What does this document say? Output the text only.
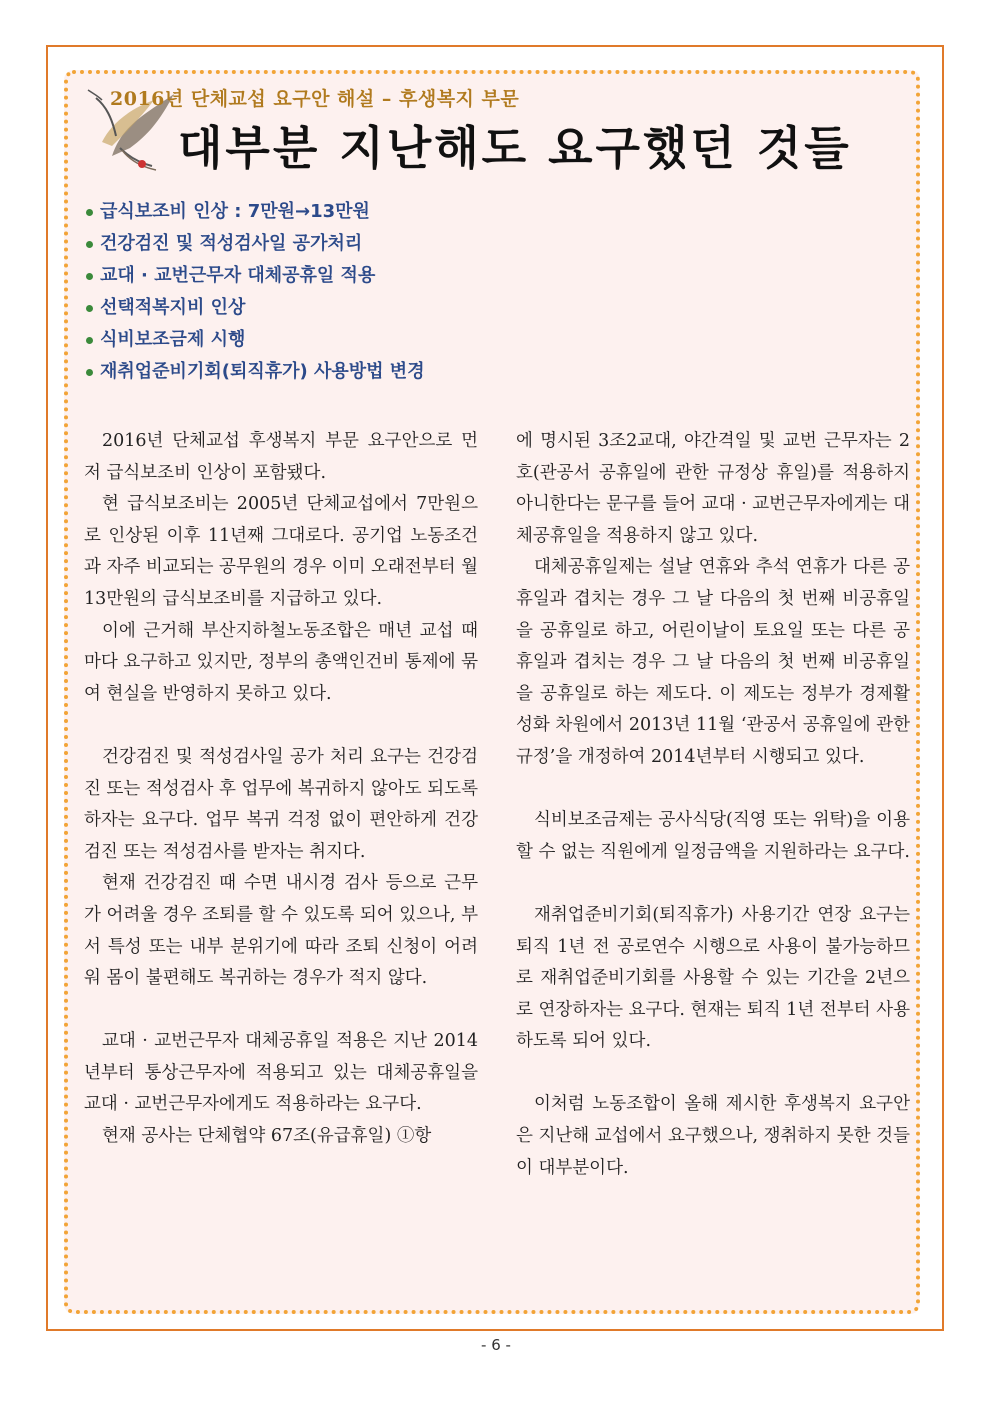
2016년 단체교섭 요구안 해설 – 후생복지 부문
대부분 지난해도 요구했던 것들
급식보조비 인상 : 7만원→13만원
건강검진 및 적성검사일 공가처리
교대 · 교번근무자 대체공휴일 적용
선택적복지비 인상
식비보조금제 시행
재취업준비기회(퇴직휴가) 사용방법 변경

2016년 단체교섭 후생복지 부문 요구안으로 먼저 급식보조비 인상이 포함됐다.

현 급식보조비는 2005년 단체교섭에서 7만원으로 인상된 이후 11년째 그대로다. 공기업 노동조건과 자주 비교되는 공무원의 경우 이미 오래전부터 월 13만원의 급식보조비를 지급하고 있다.

이에 근거해 부산지하철노동조합은 매년 교섭 때마다 요구하고 있지만, 정부의 총액인건비 통제에 묶여 현실을 반영하지 못하고 있다.

건강검진 및 적성검사일 공가 처리 요구는 건강검진 또는 적성검사 후 업무에 복귀하지 않아도 되도록 하자는 요구다. 업무 복귀 걱정 없이 편안하게 건강검진 또는 적성검사를 받자는 취지다.

현재 건강검진 때 수면 내시경 검사 등으로 근무가 어려울 경우 조퇴를 할 수 있도록 되어 있으나, 부서 특성 또는 내부 분위기에 따라 조퇴 신청이 어려워 몸이 불편해도 복귀하는 경우가 적지 않다.

교대 · 교번근무자 대체공휴일 적용은 지난 2014년부터 통상근무자에 적용되고 있는 대체공휴일을 교대 · 교번근무자에게도 적용하라는 요구다.

현재 공사는 단체협약 67조(유급휴일) ①항

에 명시된 3조2교대, 야간격일 및 교번 근무자는 2호(관공서 공휴일에 관한 규정상 휴일)를 적용하지 아니한다는 문구를 들어 교대 · 교번근무자에게는 대체공휴일을 적용하지 않고 있다.

대체공휴일제는 설날 연휴와 추석 연휴가 다른 공휴일과 겹치는 경우 그 날 다음의 첫 번째 비공휴일을 공휴일로 하고, 어린이날이 토요일 또는 다른 공휴일과 겹치는 경우 그 날 다음의 첫 번째 비공휴일을 공휴일로 하는 제도다. 이 제도는 정부가 경제활성화 차원에서 2013년 11월 ‘관공서 공휴일에 관한 규정’을 개정하여 2014년부터 시행되고 있다.

식비보조금제는 공사식당(직영 또는 위탁)을 이용할 수 없는 직원에게 일정금액을 지원하라는 요구다.

재취업준비기회(퇴직휴가) 사용기간 연장 요구는 퇴직 1년 전 공로연수 시행으로 사용이 불가능하므로 재취업준비기회를 사용할 수 있는 기간을 2년으로 연장하자는 요구다. 현재는 퇴직 1년 전부터 사용하도록 되어 있다.

이처럼 노동조합이 올해 제시한 후생복지 요구안은 지난해 교섭에서 요구했으나, 쟁취하지 못한 것들이 대부분이다.

- 6 -
